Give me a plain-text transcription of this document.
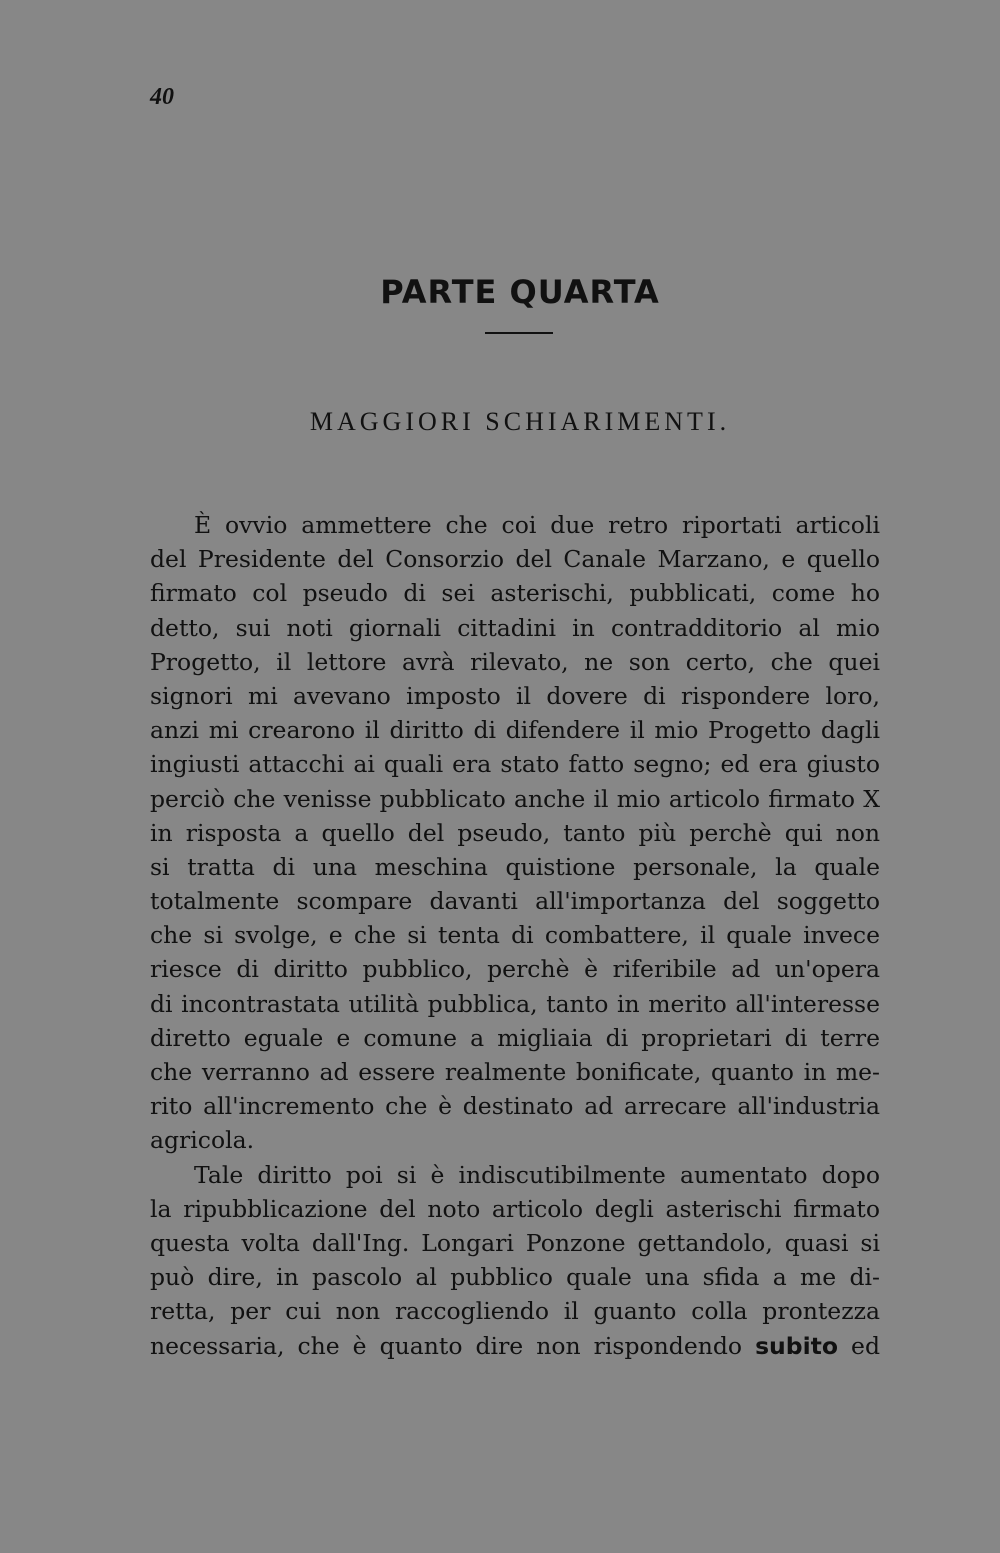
40
PARTE QUARTA
MAGGIORI SCHIARIMENTI.
È ovvio ammettere che coi due retro riportati articoli
del Presidente del Consorzio del Canale Marzano, e quello
firmato col pseudo di sei asterischi, pubblicati, come ho
detto, sui noti giornali cittadini in contradditorio al mio
Progetto, il lettore avrà rilevato, ne son certo, che quei
signori mi avevano imposto il dovere di rispondere loro,
anzi mi crearono il diritto di difendere il mio Progetto dagli
ingiusti attacchi ai quali era stato fatto segno; ed era giusto
perciò che venisse pubblicato anche il mio articolo firmato X
in risposta a quello del pseudo, tanto più perchè qui non
si tratta di una meschina quistione personale, la quale
totalmente scompare davanti all'importanza del soggetto
che si svolge, e che si tenta di combattere, il quale invece
riesce di diritto pubblico, perchè è riferibile ad un'opera
di incontrastata utilità pubblica, tanto in merito all'interesse
diretto eguale e comune a migliaia di proprietari di terre
che verranno ad essere realmente bonificate, quanto in me-
rito all'incremento che è destinato ad arrecare all'industria
agricola.
Tale diritto poi si è indiscutibilmente aumentato dopo
la ripubblicazione del noto articolo degli asterischi firmato
questa volta dall'Ing. Longari Ponzone gettandolo, quasi si
può dire, in pascolo al pubblico quale una sfida a me di-
retta, per cui non raccogliendo il guanto colla prontezza
necessaria, che è quanto dire non rispondendo subito ed
